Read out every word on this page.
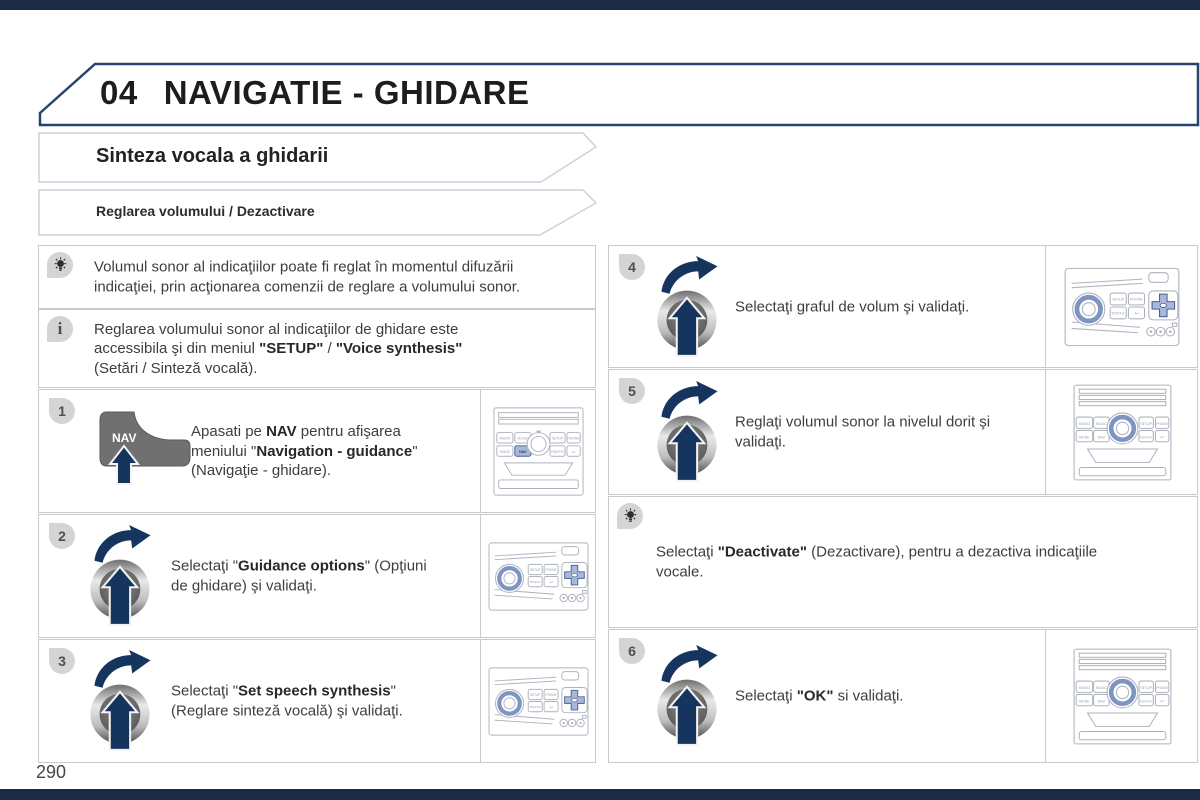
04 NAVIGATIE - GHIDARE
Sinteza vocala a ghidarii
Reglarea volumului / Dezactivare
Volumul sonor al indicaţiilor poate fi reglat în momentul difuzării
indicaţiei, prin acţionarea comenzii de reglare a volumului sonor.
i Reglarea volumului sonor al indicaţiilor de ghidare este
accessibila şi din meniul "SETUP" / "Voice synthesis"
(Setări / Sinteză vocală).
1
NAV	Apasati pe NAV pentru afişarea
meniului "Navigation - guidance"
(Navigaţie - ghidare).
2
Selectaţi "Guidance options" (Opţiuni
de ghidare) şi validaţi.
3
Selectaţi "Set speech synthesis"
(Reglare sinteză vocală) şi validaţi.
4
Selectaţi graful de volum şi validaţi.
5
Reglaţi volumul sonor la nivelul dorit şi
validaţi.
Selectaţi "Deactivate" (Dezactivare), pentru a dezactiva indicaţiile
vocale.
6
Selectaţi "OK" si validaţi.
290
